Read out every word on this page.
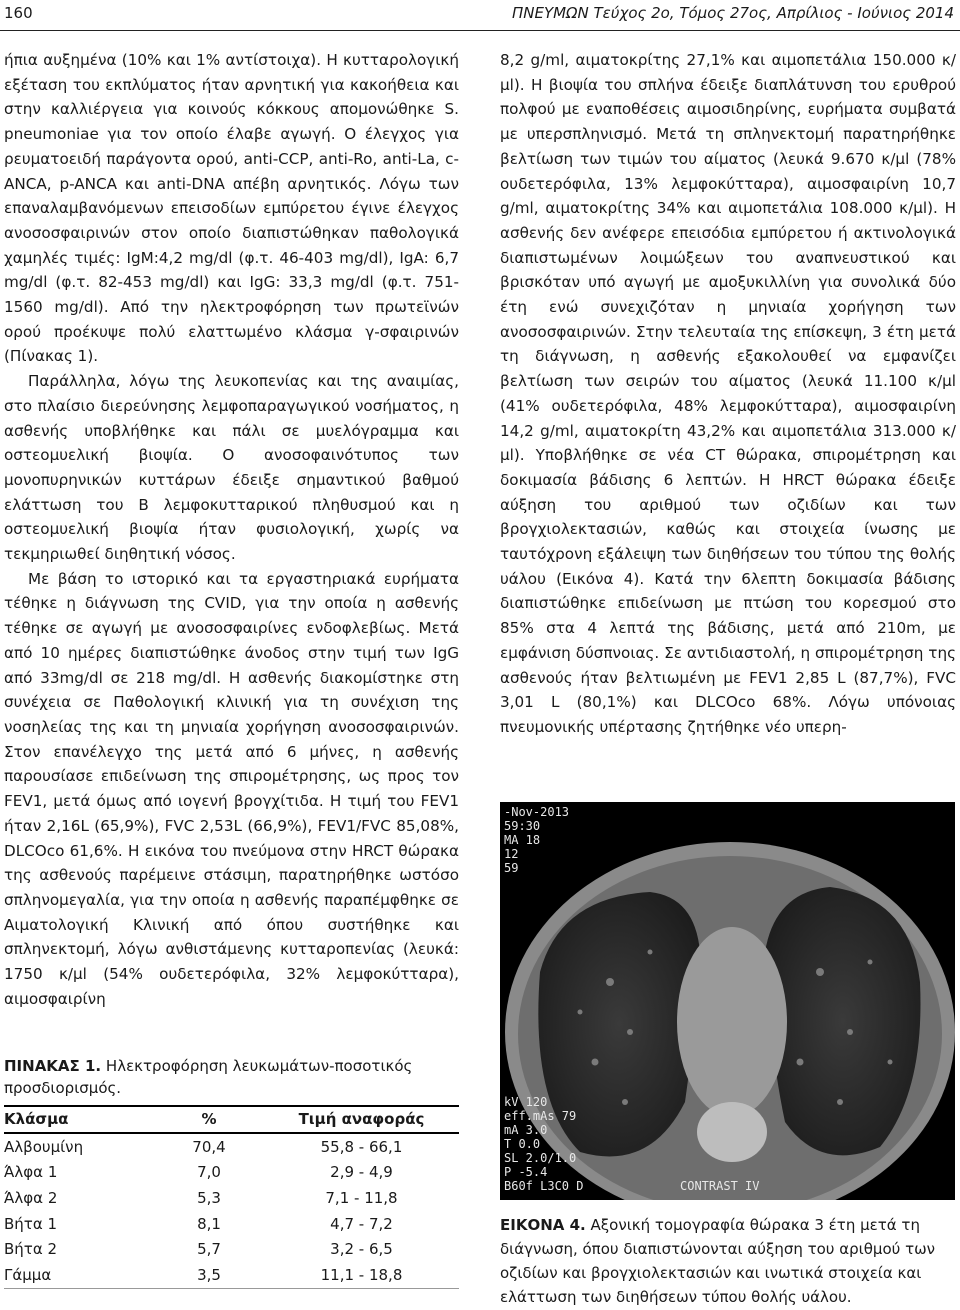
160	ΠΝΕΥΜΩΝ Τεύχος 2ο, Τόμος 27ος, Απρίλιος - Ιούνιος 2014

ήπια αυξημένα (10% και 1% αντίστοιχα). Η κυτταρολογική εξέταση του εκπλύματος ήταν αρνητική για κακοήθεια και στην καλλιέργεια για κοινούς κόκκους απομονώθηκε S. pneumoniae για τον οποίο έλαβε αγωγή. Ο έλεγχος για ρευματοειδή παράγοντα ορού, anti-CCP, anti-Ro, anti-La, c-ANCA, p-ANCA και anti-DNA απέβη αρνητικός. Λόγω των επαναλαμβανόμενων επεισοδίων εμπύρετου έγινε έλεγχος ανοσοσφαιρινών στον οποίο διαπιστώθηκαν παθολογικά χαμηλές τιμές: IgM:4,2 mg/dl (φ.τ. 46-403 mg/dl), IgA: 6,7 mg/dl (φ.τ. 82-453 mg/dl) και IgG: 33,3 mg/dl (φ.τ. 751-1560 mg/dl). Από την ηλεκτροφόρηση των πρωτεϊνών ορού προέκυψε πολύ ελαττωμένο κλάσμα γ-σφαιρινών (Πίνακας 1).

Παράλληλα, λόγω της λευκοπενίας και της αναιμίας, στο πλαίσιο διερεύνησης λεμφοπαραγωγικού νοσήματος, η ασθενής υποβλήθηκε και πάλι σε μυελόγραμμα και οστεομυελική βιοψία. Ο ανοσοφαινότυπος των μονοπυρηνικών κυττάρων έδειξε σημαντικού βαθμού ελάττωση του Β λεμφοκυτταρικού πληθυσμού και η οστεομυελική βιοψία ήταν φυσιολογική, χωρίς να τεκμηριωθεί διηθητική νόσος.

Με βάση το ιστορικό και τα εργαστηριακά ευρήματα τέθηκε η διάγνωση της CVID, για την οποία η ασθενής τέθηκε σε αγωγή με ανοσοσφαιρίνες ενδοφλεβίως. Μετά από 10 ημέρες διαπιστώθηκε άνοδος στην τιμή των IgG από 33mg/dl σε 218 mg/dl. Η ασθενής διακομίστηκε στη συνέχεια σε Παθολογική κλινική για τη συνέχιση της νοσηλείας της και τη μηνιαία χορήγηση ανοσοσφαιρινών. Στον επανέλεγχο της μετά από 6 μήνες, η ασθενής παρουσίασε επιδείνωση της σπιρομέτρησης, ως προς τον FEV1, μετά όμως από ιογενή βρογχίτιδα. Η τιμή του FEV1 ήταν 2,16L (65,9%), FVC 2,53L (66,9%), FEV1/FVC 85,08%, DLCOco 61,6%. Η εικόνα του πνεύμονα στην HRCT θώρακα της ασθενούς παρέμεινε στάσιμη, παρατηρήθηκε ωστόσο σπληνομεγαλία, για την οποία η ασθενής παραπέμφθηκε σε Αιματολογική Κλινική από όπου συστήθηκε και σπληνεκτομή, λόγω ανθιστάμενης κυτταροπενίας (λευκά: 1750 κ/μl (54% ουδετερόφιλα, 32% λεμφοκύτταρα), αιμοσφαιρίνη

8,2 g/ml, αιματοκρίτης 27,1% και αιμοπετάλια 150.000 κ/μl). Η βιοψία του σπλήνα έδειξε διαπλάτυνση του ερυθρού πολφού με εναποθέσεις αιμοσιδηρίνης, ευρήματα συμβατά με υπερσπληνισμό. Μετά τη σπληνεκτομή παρατηρήθηκε βελτίωση των τιμών του αίματος (λευκά 9.670 κ/μl (78% ουδετερόφιλα, 13% λεμφοκύτταρα), αιμοσφαιρίνη 10,7 g/ml, αιματοκρίτης 34% και αιμοπετάλια 108.000 κ/μl). Η ασθενής δεν ανέφερε επεισόδια εμπύρετου ή ακτινολογικά διαπιστωμένων λοιμώξεων του αναπνευστικού και βρισκόταν υπό αγωγή με αμοξυκιλλίνη για συνολικά δύο έτη ενώ συνεχιζόταν η μηνιαία χορήγηση των ανοσοσφαιρινών. Στην τελευταία της επίσκεψη, 3 έτη μετά τη διάγνωση, η ασθενής εξακολουθεί να εμφανίζει βελτίωση των σειρών του αίματος (λευκά 11.100 κ/μl (41% ουδετερόφιλα, 48% λεμφοκύτταρα), αιμοσφαιρίνη 14,2 g/ml, αιματοκρίτη 43,2% και αιμοπετάλια 313.000 κ/μl). Υποβλήθηκε σε νέα CT θώρακα, σπιρομέτρηση και δοκιμασία βάδισης 6 λεπτών. Η HRCT θώρακα έδειξε αύξηση του αριθμού των οζιδίων και των βρογχιολεκτασιών, καθώς και στοιχεία ίνωσης με ταυτόχρονη εξάλειψη των διηθήσεων του τύπου της θολής υάλου (Εικόνα 4). Κατά την 6λεπτη δοκιμασία βάδισης διαπιστώθηκε επιδείνωση με πτώση του κορεσμού στο 85% στα 4 λεπτά της βάδισης, μετά από 210m, με εμφάνιση δύσπνοιας. Σε αντιδιαστολή, η σπιρομέτρηση της ασθενούς ήταν βελτιωμένη με FEV1 2,85 L (87,7%), FVC 3,01 L (80,1%) και DLCOco 68%. Λόγω υπόνοιας πνευμονικής υπέρτασης ζητήθηκε νέο υπερη-

-Nov-2013
59:30
MA 18
12
59
kV 120
eff.mAs 79
mA 3.0
T 0.0
SL 2.0/1.0
P -5.4
B60f L3C0 D	CONTRAST IV
ΕΙΚΟΝΑ 4. Αξονική τομογραφία θώρακα 3 έτη μετά τη διάγνωση, όπου διαπιστώνονται αύξηση του αριθμού των οζιδίων και βρογχιολεκτασιών και ινωτικά στοιχεία και ελάττωση των διηθήσεων τύπου θολής υάλου.
ΠΙΝΑΚΑΣ 1. Ηλεκτροφόρηση λευκωμάτων-ποσοτικός προσδιορισμός.
Κλάσμα	%	Τιμή αναφοράς
Αλβουμίνη	70,4	55,8 - 66,1
Άλφα 1	7,0	2,9 - 4,9
Άλφα 2	5,3	7,1 - 11,8
Βήτα 1	8,1	4,7 - 7,2
Βήτα 2	5,7	3,2 - 6,5
Γάμμα	3,5	11,1 - 18,8
